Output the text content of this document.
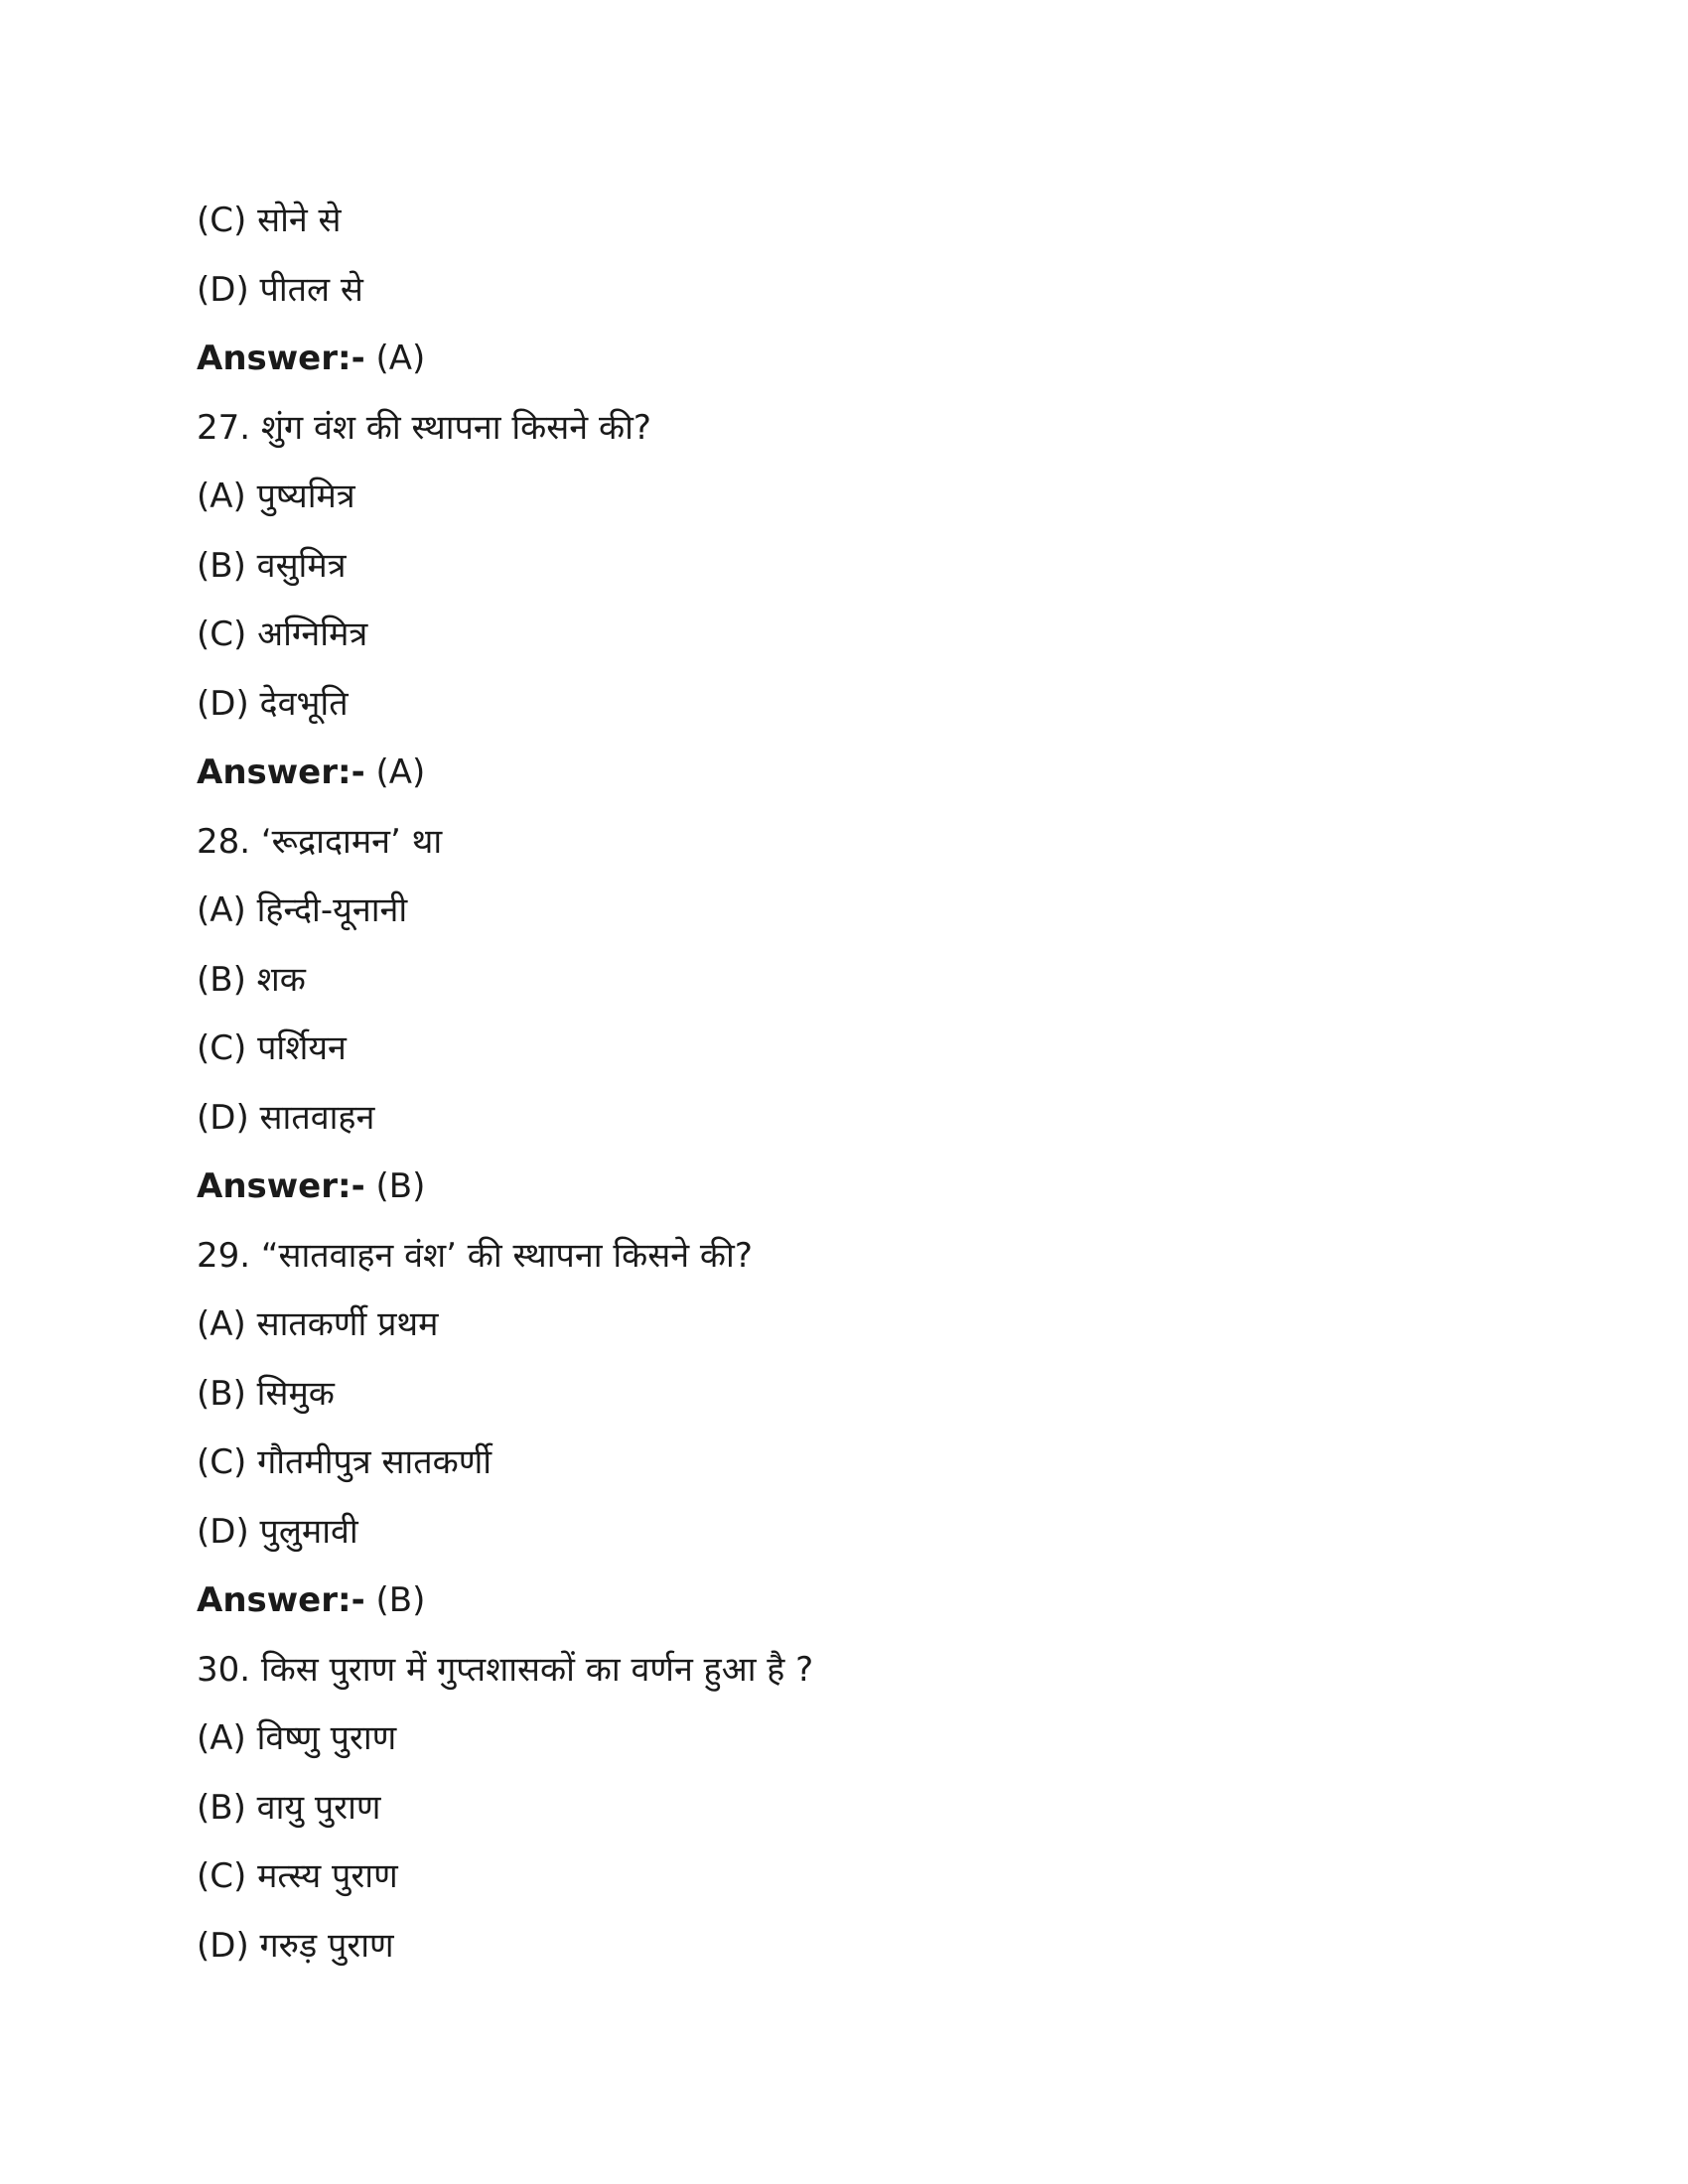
(C) सोने से
(D) पीतल से
Answer:- (A)
27. शुंग वंश की स्थापना किसने की?
(A) पुष्यमित्र
(B) वसुमित्र
(C) अग्निमित्र
(D) देवभूति
Answer:- (A)
28. ‘रूद्रादामन’ था
(A) हिन्दी-यूनानी
(B) शक
(C) पर्शियन
(D) सातवाहन
Answer:- (B)
29. “सातवाहन वंश’ की स्थापना किसने की?
(A) सातकर्णी प्रथम
(B) सिमुक
(C) गौतमीपुत्र सातकर्णी
(D) पुलुमावी
Answer:- (B)
30. किस पुराण में गुप्तशासकों का वर्णन हुआ है ?
(A) विष्णु पुराण
(B) वायु पुराण
(C) मत्स्य पुराण
(D) गरुड़ पुराण
